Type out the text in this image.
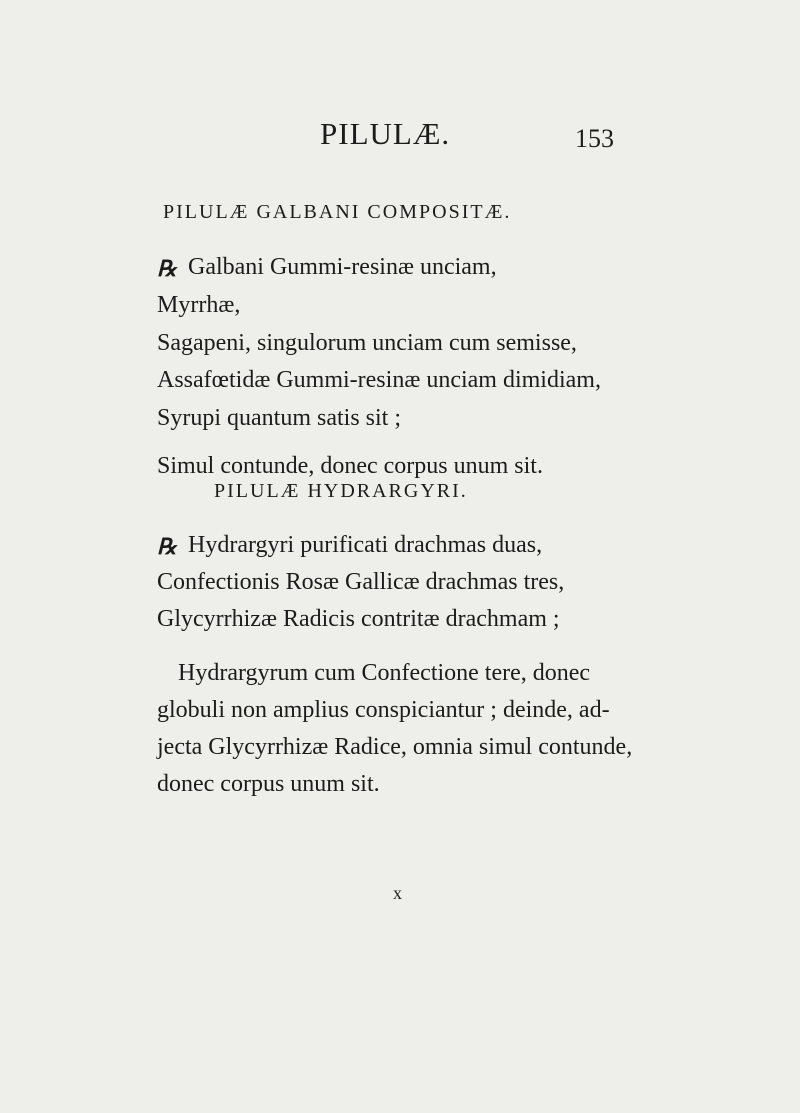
PILULÆ.	153
PILULÆ GALBANI COMPOSITÆ.
℞ Galbani Gummi-resinæ unciam,
Myrrhæ,
Sagapeni, singulorum unciam cum semisse,
Assafœtidæ Gummi-resinæ unciam dimidiam,
Syrupi quantum satis sit ;
Simul contunde, donec corpus unum sit.
PILULÆ HYDRARGYRI.
℞ Hydrargyri purificati drachmas duas,
Confectionis Rosæ Gallicæ drachmas tres,
Glycyrrhizæ Radicis contritæ drachmam ;
Hydrargyrum cum Confectione tere, donec
globuli non amplius conspiciantur ; deinde, ad-
jecta Glycyrrhizæ Radice, omnia simul contunde,
donec corpus unum sit.
x
